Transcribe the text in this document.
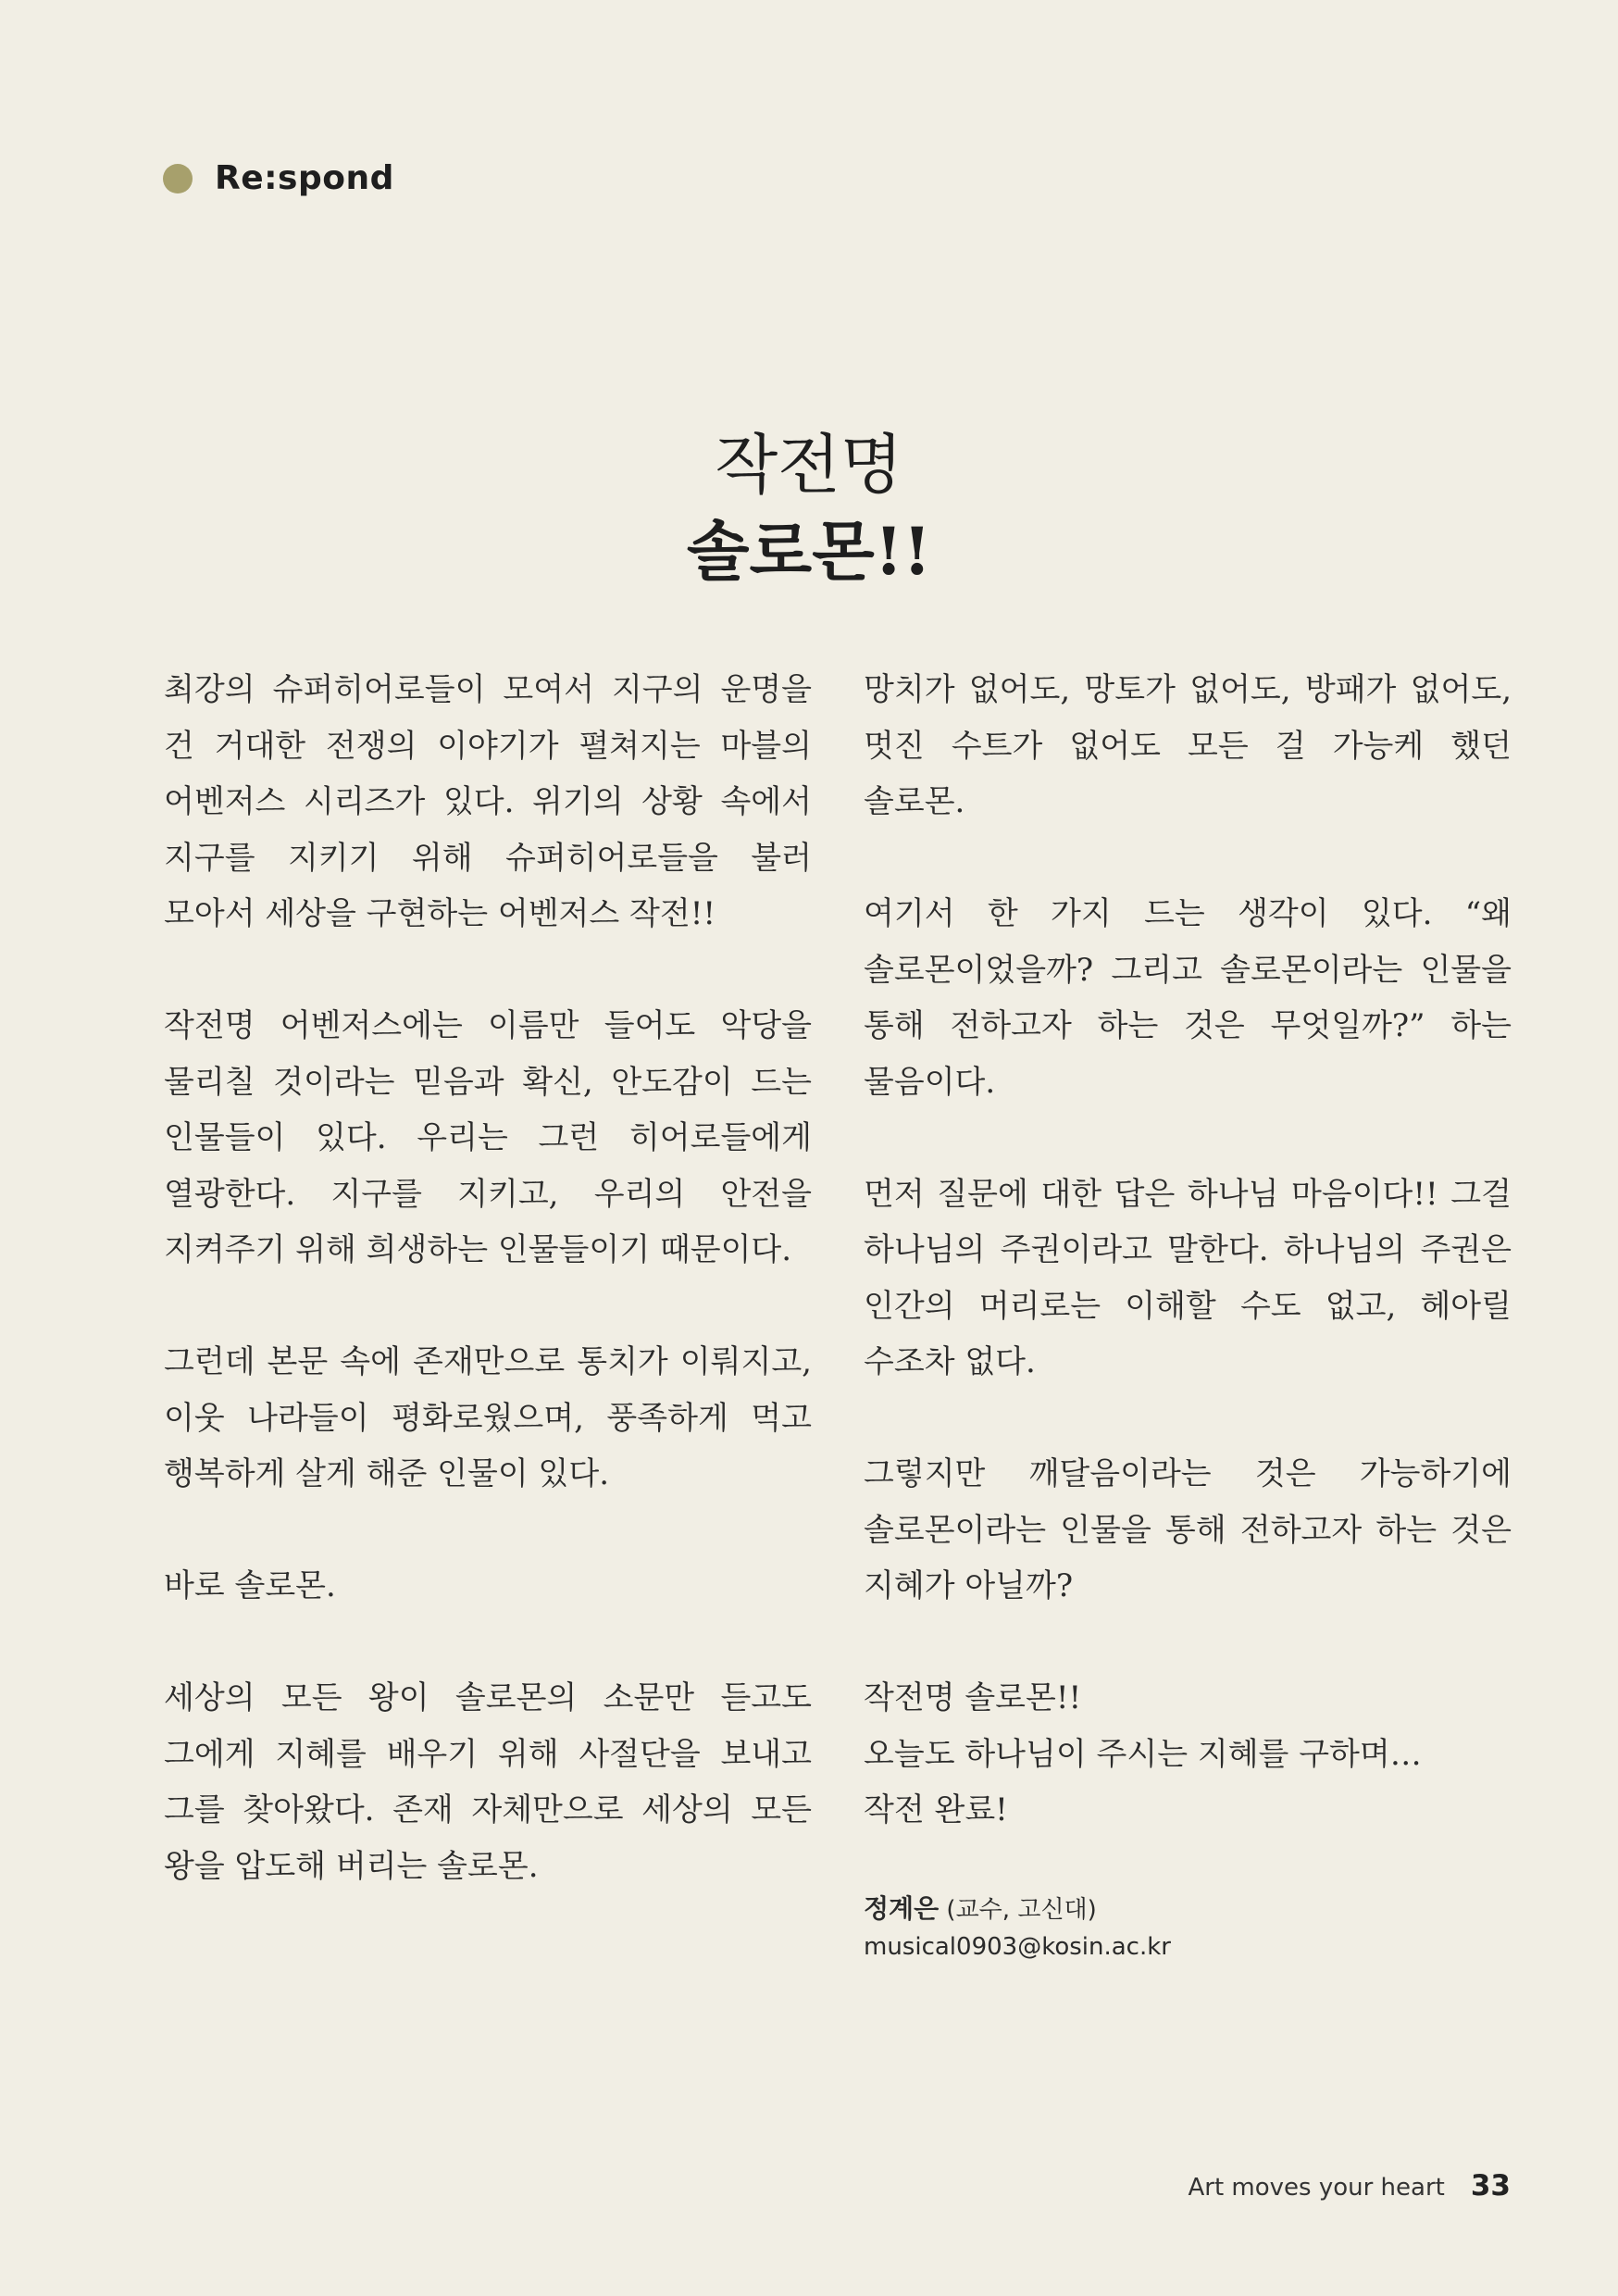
Re:spond
작전명
솔로몬!!

최강의 슈퍼히어로들이 모여서 지구의 운명을 건 거대한 전쟁의 이야기가 펼쳐지는 마블의 어벤저스 시리즈가 있다. 위기의 상황 속에서 지구를 지키기 위해 슈퍼히어로들을 불러 모아서 세상을 구현하는 어벤저스 작전!!

작전명 어벤저스에는 이름만 들어도 악당을 물리칠 것이라는 믿음과 확신, 안도감이 드는 인물들이 있다. 우리는 그런 히어로들에게 열광한다. 지구를 지키고, 우리의 안전을 지켜주기 위해 희생하는 인물들이기 때문이다.

그런데 본문 속에 존재만으로 통치가 이뤄지고, 이웃 나라들이 평화로웠으며, 풍족하게 먹고 행복하게 살게 해준 인물이 있다.

바로 솔로몬.

세상의 모든 왕이 솔로몬의 소문만 듣고도 그에게 지혜를 배우기 위해 사절단을 보내고 그를 찾아왔다. 존재 자체만으로 세상의 모든 왕을 압도해 버리는 솔로몬.

망치가 없어도, 망토가 없어도, 방패가 없어도, 멋진 수트가 없어도 모든 걸 가능케 했던 솔로몬.

여기서 한 가지 드는 생각이 있다. “왜 솔로몬이었을까? 그리고 솔로몬이라는 인물을 통해 전하고자 하는 것은 무엇일까?” 하는 물음이다.

먼저 질문에 대한 답은 하나님 마음이다!! 그걸 하나님의 주권이라고 말한다. 하나님의 주권은 인간의 머리로는 이해할 수도 없고, 헤아릴 수조차 없다.

그렇지만 깨달음이라는 것은 가능하기에 솔로몬이라는 인물을 통해 전하고자 하는 것은 지혜가 아닐까?

작전명 솔로몬!!
오늘도 하나님이 주시는 지혜를 구하며…
작전 완료!

정계은 (교수, 고신대)
musical0903@kosin.ac.kr
Art moves your heart 33
